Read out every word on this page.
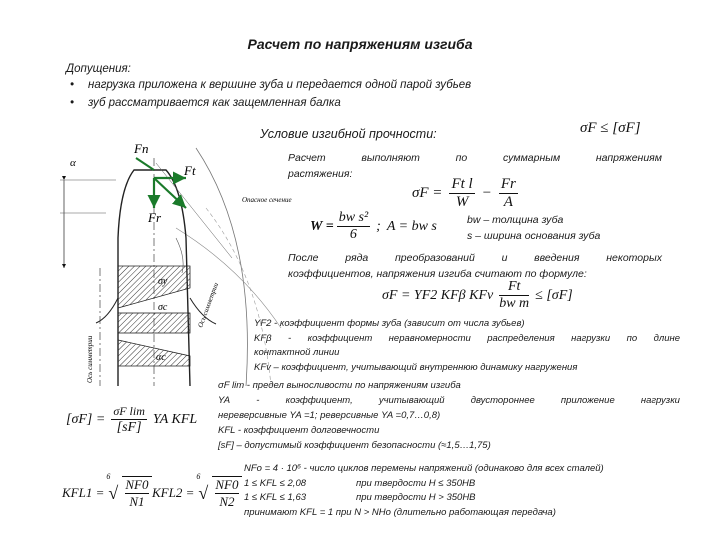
Расчет по напряжениям изгиба
Допущения:
• нагрузка приложена к вершине зуба и передается одной парой зубьев
• зуб рассматривается как защемленная балка
Условие изгибной прочности:	σF ≤ [σF]
Расчет	выполняют	по	суммарным	напряжениям
растяжения:
$\sigma F = \frac{\text{Ft l}}{W} - \frac{Fr}{A}$
$W = \frac{\text{bw s²}}{6}$ ; A = bw s	bw – толщина зуба
s – ширина основания зуба
После	ряда	преобразований	и	введения	некоторых
коэффициентов, напряжения изгиба считают по формуле:
σF = YF2 KFβ KFv $\frac{Ft}{\text{bw m}} \le [\sigma F]$
YF2 - коэффициент формы зуба (зависит от числа зубьев)
KFβ - коэффициент неравномерности распределения нагрузки по длине
контактной линии
KFv – коэффициент, учитывающий внутреннюю динамику нагружения
$[\sigma F] = \frac{\text{σF lim}}{[sF]}$ YA KFL
σF lim - предел выносливости по напряжениям изгиба
YA	-	коэффициент,	учитывающий	двустороннее	приложение	нагрузки
нереверсивные YA =1; реверсивные YA =0,7…0,8)
KFL - коэффициент долговечности
[sF] – допустимый коэффициент безопасности (≈1,5…1,75)
KFL1 =
6
√ NF0
N1
KFL2 =
6
√ NF0
N2
NFo = 4 · 10⁶ - число циклов перемены напряжений (одинаково для всех сталей)
1 ≤ KFL ≤ 2,08	при твердости H ≤ 350HB
1 ≤ KFL ≤ 1,63	при твердости H > 350HB
принимают KFL = 1 при N > NHo (длительно работающая передача)
Fn
Ft
Fr
α
Опасное сечение
σy
σc
αc
Ось симметрии
Ось симметрии
